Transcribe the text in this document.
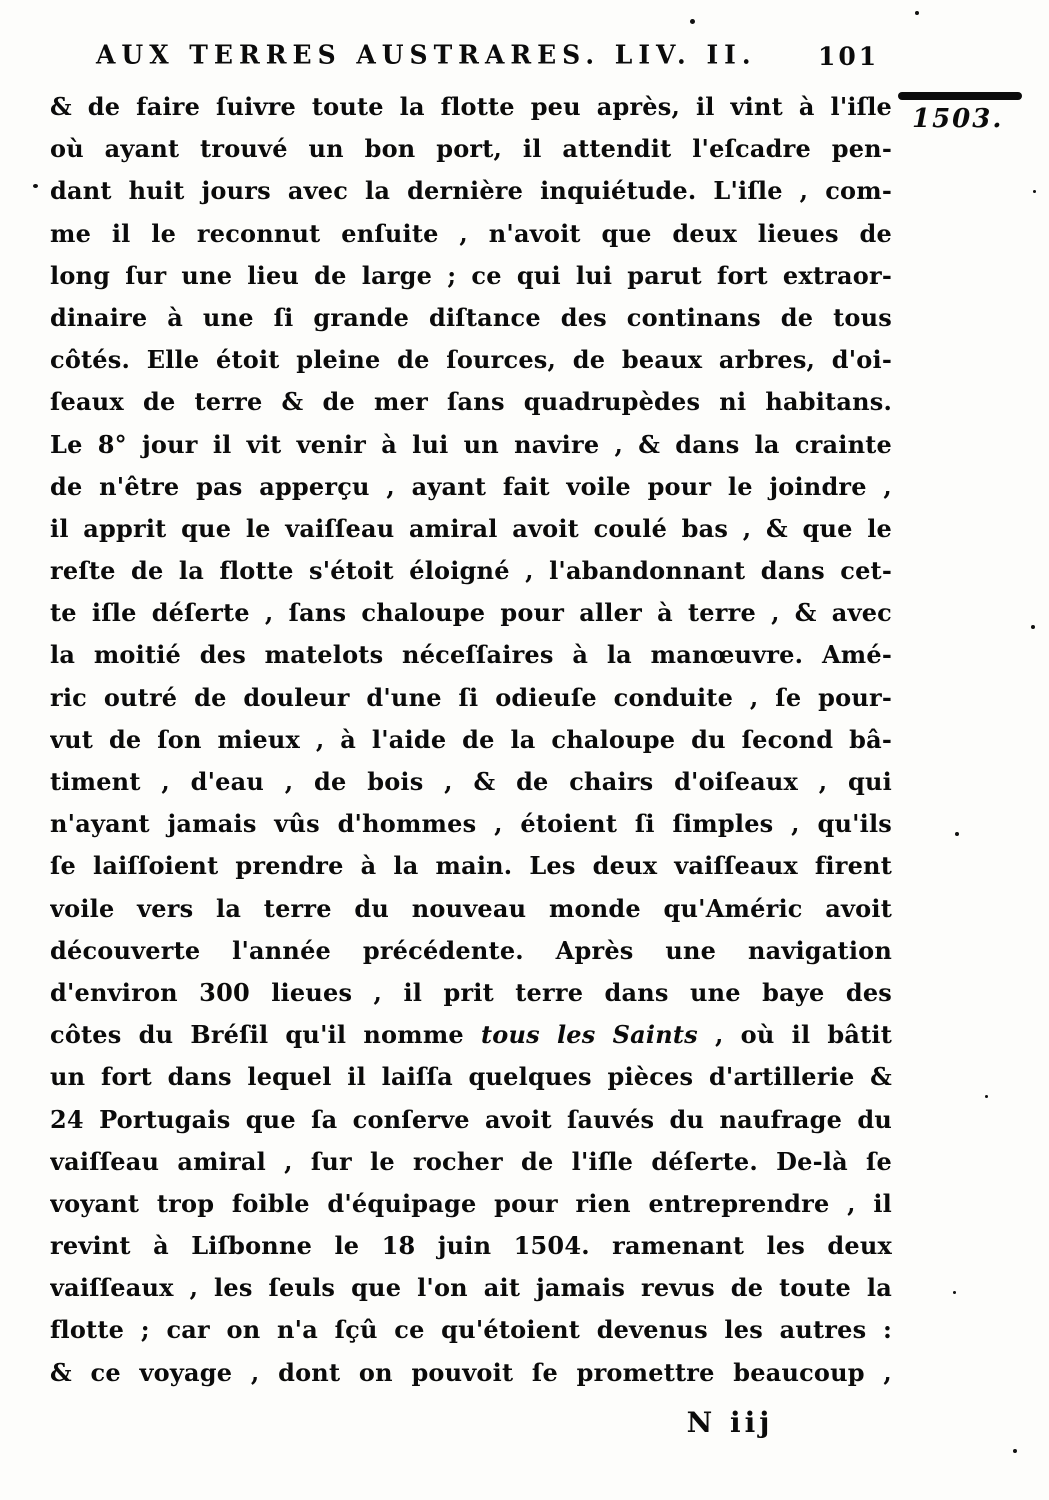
AUX TERRES AUSTRARES. LIV. II. 101
1503.
& de faire ſuivre toute la flotte peu après, il vint à l'iſle
où ayant trouvé un bon port, il attendit l'eſcadre pen-
dant huit jours avec la dernière inquiétude. L'iſle , com-
me il le reconnut enſuite , n'avoit que deux lieues de
long ſur une lieu de large ; ce qui lui parut fort extraor-
dinaire à une ſi grande diſtance des continans de tous
côtés. Elle étoit pleine de ſources, de beaux arbres, d'oi-
ſeaux de terre & de mer ſans quadrupèdes ni habitans.
Le 8° jour il vit venir à lui un navire , & dans la crainte
de n'être pas apperçu , ayant fait voile pour le joindre ,
il apprit que le vaiſſeau amiral avoit coulé bas , & que le
reſte de la flotte s'étoit éloigné , l'abandonnant dans cet-
te iſle déſerte , ſans chaloupe pour aller à terre , & avec
la moitié des matelots néceſſaires à la manœuvre. Amé-
ric outré de douleur d'une ſi odieuſe conduite , ſe pour-
vut de ſon mieux , à l'aide de la chaloupe du ſecond bâ-
timent , d'eau , de bois , & de chairs d'oiſeaux , qui
n'ayant jamais vûs d'hommes , étoient ſi ſimples , qu'ils
ſe laiſſoient prendre à la main. Les deux vaiſſeaux firent
voile vers la terre du nouveau monde qu'Améric avoit
découverte l'année précédente. Après une navigation
d'environ 300 lieues , il prit terre dans une baye des
côtes du Bréſil qu'il nomme tous les Saints , où il bâtit
un fort dans lequel il laiſſa quelques pièces d'artillerie &
24 Portugais que ſa conſerve avoit ſauvés du naufrage du
vaiſſeau amiral , ſur le rocher de l'iſle déſerte. De-là ſe
voyant trop foible d'équipage pour rien entreprendre , il
revint à Liſbonne le 18 juin 1504. ramenant les deux
vaiſſeaux , les ſeuls que l'on ait jamais revus de toute la
flotte ; car on n'a ſçû ce qu'étoient devenus les autres :
& ce voyage , dont on pouvoit ſe promettre beaucoup ,
N iij
